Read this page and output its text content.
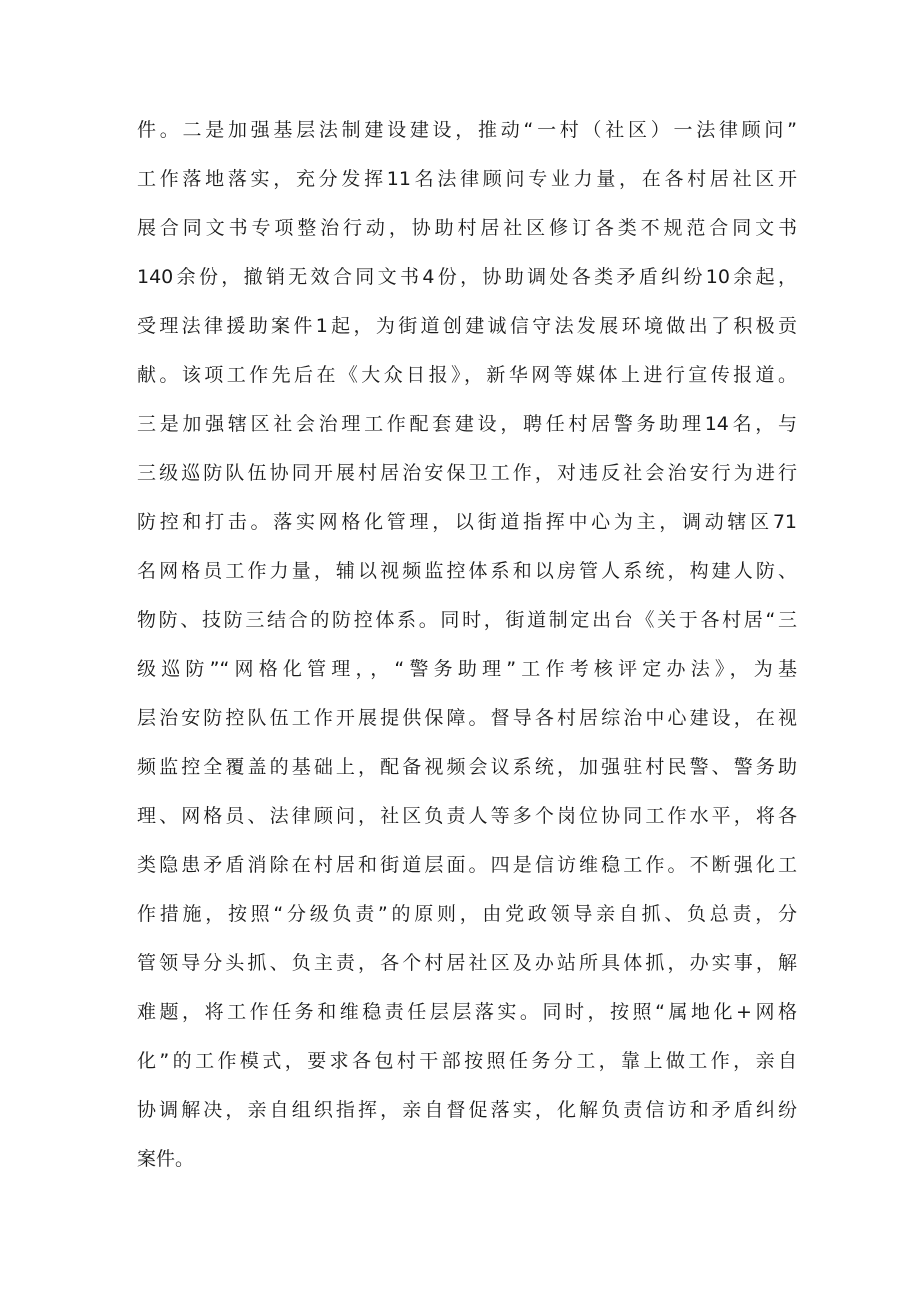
件。二是加强基层法制建设建设，推动“一村（社区）一法律顾问”
工作落地落实，充分发挥11名法律顾问专业力量，在各村居社区开
展合同文书专项整治行动，协助村居社区修订各类不规范合同文书
140余份，撤销无效合同文书4份，协助调处各类矛盾纠纷10余起，
受理法律援助案件1起，为街道创建诚信守法发展环境做出了积极贡
献。该项工作先后在《大众日报》，新华网等媒体上进行宣传报道。
三是加强辖区社会治理工作配套建设，聘任村居警务助理14名，与
三级巡防队伍协同开展村居治安保卫工作，对违反社会治安行为进行
防控和打击。落实网格化管理，以街道指挥中心为主，调动辖区71
名网格员工作力量，辅以视频监控体系和以房管人系统，构建人防、
物防、技防三结合的防控体系。同时，街道制定出台《关于各村居“三
级巡防”“网格化管理，，“警务助理”工作考核评定办法》，为基
层治安防控队伍工作开展提供保障。督导各村居综治中心建设，在视
频监控全覆盖的基础上，配备视频会议系统，加强驻村民警、警务助
理、网格员、法律顾问，社区负责人等多个岗位协同工作水平，将各
类隐患矛盾消除在村居和街道层面。四是信访维稳工作。不断强化工
作措施，按照“分级负责”的原则，由党政领导亲自抓、负总责，分
管领导分头抓、负主责，各个村居社区及办站所具体抓，办实事，解
难题，将工作任务和维稳责任层层落实。同时，按照“属地化+网格
化”的工作模式，要求各包村干部按照任务分工，靠上做工作，亲自
协调解决，亲自组织指挥，亲自督促落实，化解负责信访和矛盾纠纷
案件。
